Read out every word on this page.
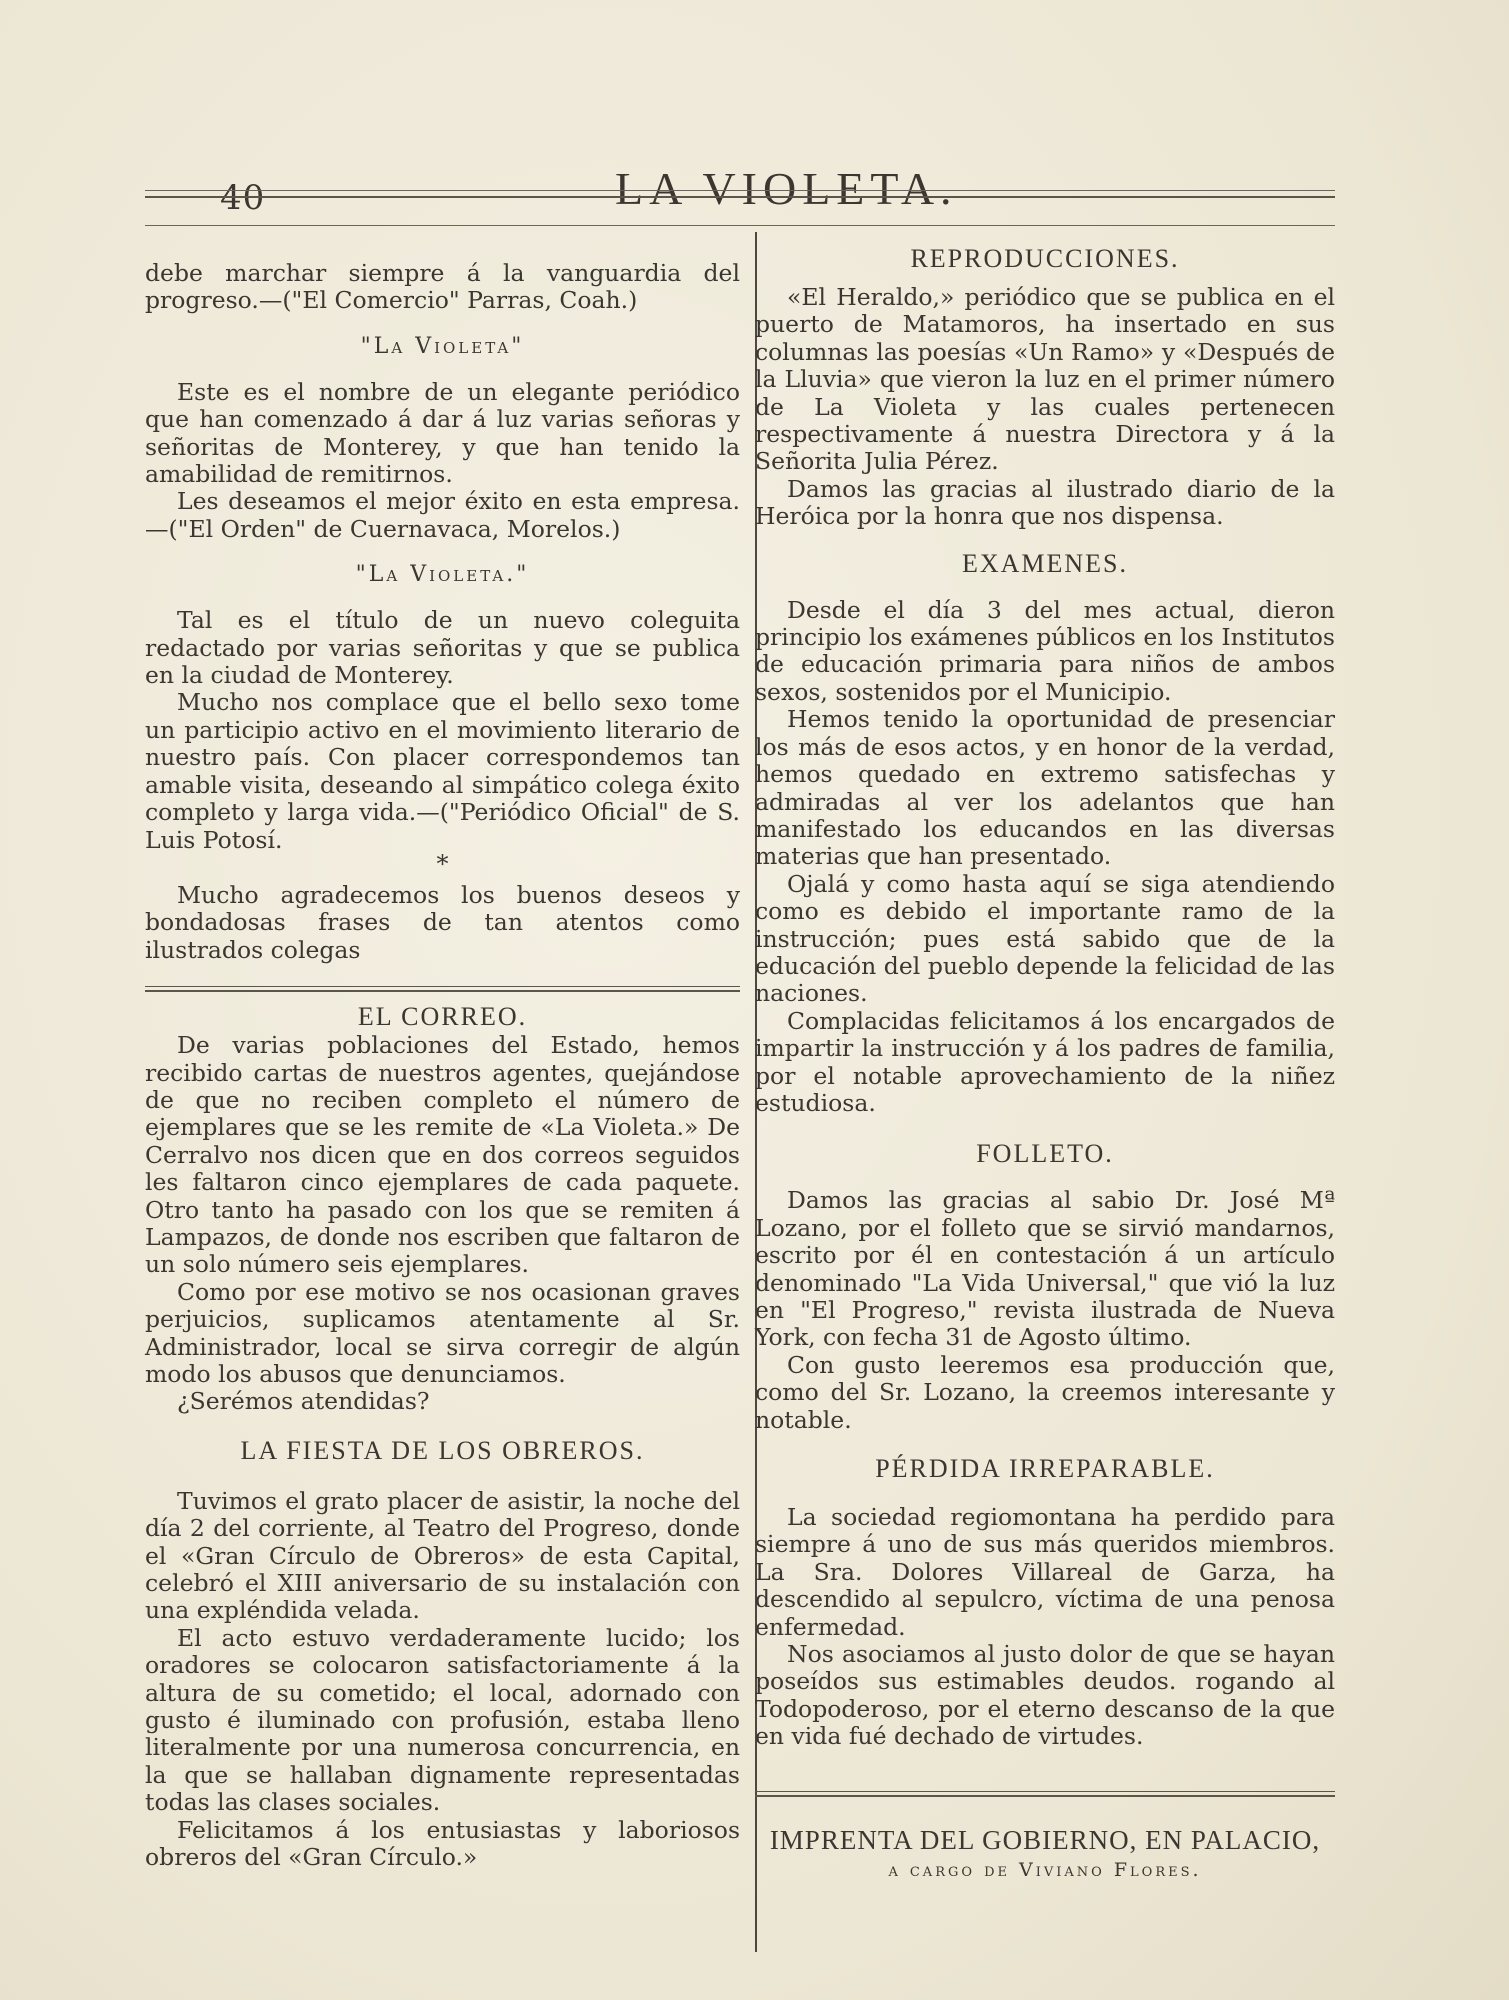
40	LA VIOLETA.

debe marchar siempre á la vanguardia del progreso.—("El Comercio" Parras, Coah.)

"La Violeta"

Este es el nombre de un elegante periódico que han comenzado á dar á luz varias señoras y señoritas de Monterey, y que han tenido la amabilidad de remitirnos.

Les deseamos el mejor éxito en esta empresa.—("El Orden" de Cuernavaca, Morelos.)

"La Violeta."

Tal es el título de un nuevo coleguita redactado por varias señoritas y que se publica en la ciudad de Monterey.

Mucho nos complace que el bello sexo tome un participio activo en el movimiento literario de nuestro país. Con placer correspondemos tan amable visita, deseando al simpático colega éxito completo y larga vida.—("Periódico Oficial" de S. Luis Potosí.

*

Mucho agradecemos los buenos deseos y bondadosas frases de tan atentos como ilustrados colegas

EL CORREO.

De varias poblaciones del Estado, hemos recibido cartas de nuestros agentes, quejándose de que no reciben completo el número de ejemplares que se les remite de «La Violeta.» De Cerralvo nos dicen que en dos correos seguidos les faltaron cinco ejemplares de cada paquete. Otro tanto ha pasado con los que se remiten á Lampazos, de donde nos escriben que faltaron de un solo número seis ejemplares.

Como por ese motivo se nos ocasionan graves perjuicios, suplicamos atentamente al Sr. Administrador, local se sirva corregir de algún modo los abusos que denunciamos.

¿Serémos atendidas?

LA FIESTA DE LOS OBREROS.

Tuvimos el grato placer de asistir, la noche del día 2 del corriente, al Teatro del Progreso, donde el «Gran Círculo de Obreros» de esta Capital, celebró el XIII aniversario de su instalación con una expléndida velada.

El acto estuvo verdaderamente lucido; los oradores se colocaron satisfactoriamente á la altura de su cometido; el local, adornado con gusto é iluminado con profusión, estaba lleno literalmente por una numerosa concurrencia, en la que se hallaban dignamente representadas todas las clases sociales.

Felicitamos á los entusiastas y laboriosos obreros del «Gran Círculo.»

REPRODUCCIONES.

«El Heraldo,» periódico que se publica en el puerto de Matamoros, ha insertado en sus columnas las poesías «Un Ramo» y «Después de la Lluvia» que vieron la luz en el primer número de La Violeta y las cuales pertenecen respectivamente á nuestra Directora y á la Señorita Julia Pérez.

Damos las gracias al ilustrado diario de la Heróica por la honra que nos dispensa.

EXAMENES.

Desde el día 3 del mes actual, dieron principio los exámenes públicos en los Institutos de educación primaria para niños de ambos sexos, sostenidos por el Municipio.

Hemos tenido la oportunidad de presenciar los más de esos actos, y en honor de la verdad, hemos quedado en extremo satisfechas y admiradas al ver los adelantos que han manifestado los educandos en las diversas materias que han presentado.

Ojalá y como hasta aquí se siga atendiendo como es debido el importante ramo de la instrucción; pues está sabido que de la educación del pueblo depende la felicidad de las naciones.

Complacidas felicitamos á los encargados de impartir la instrucción y á los padres de familia, por el notable aprovechamiento de la niñez estudiosa.

FOLLETO.

Damos las gracias al sabio Dr. José Mª Lozano, por el folleto que se sirvió mandarnos, escrito por él en contestación á un artículo denominado "La Vida Universal," que vió la luz en "El Progreso," revista ilustrada de Nueva York, con fecha 31 de Agosto último.

Con gusto leeremos esa producción que, como del Sr. Lozano, la creemos interesante y notable.

PÉRDIDA IRREPARABLE.

La sociedad regiomontana ha perdido para siempre á uno de sus más queridos miembros. La Sra. Dolores Villareal de Garza, ha descendido al sepulcro, víctima de una penosa enfermedad.

Nos asociamos al justo dolor de que se hayan poseídos sus estimables deudos. rogando al Todopoderoso, por el eterno descanso de la que en vida fué dechado de virtudes.

IMPRENTA DEL GOBIERNO, EN PALACIO,
a cargo de Viviano Flores.
